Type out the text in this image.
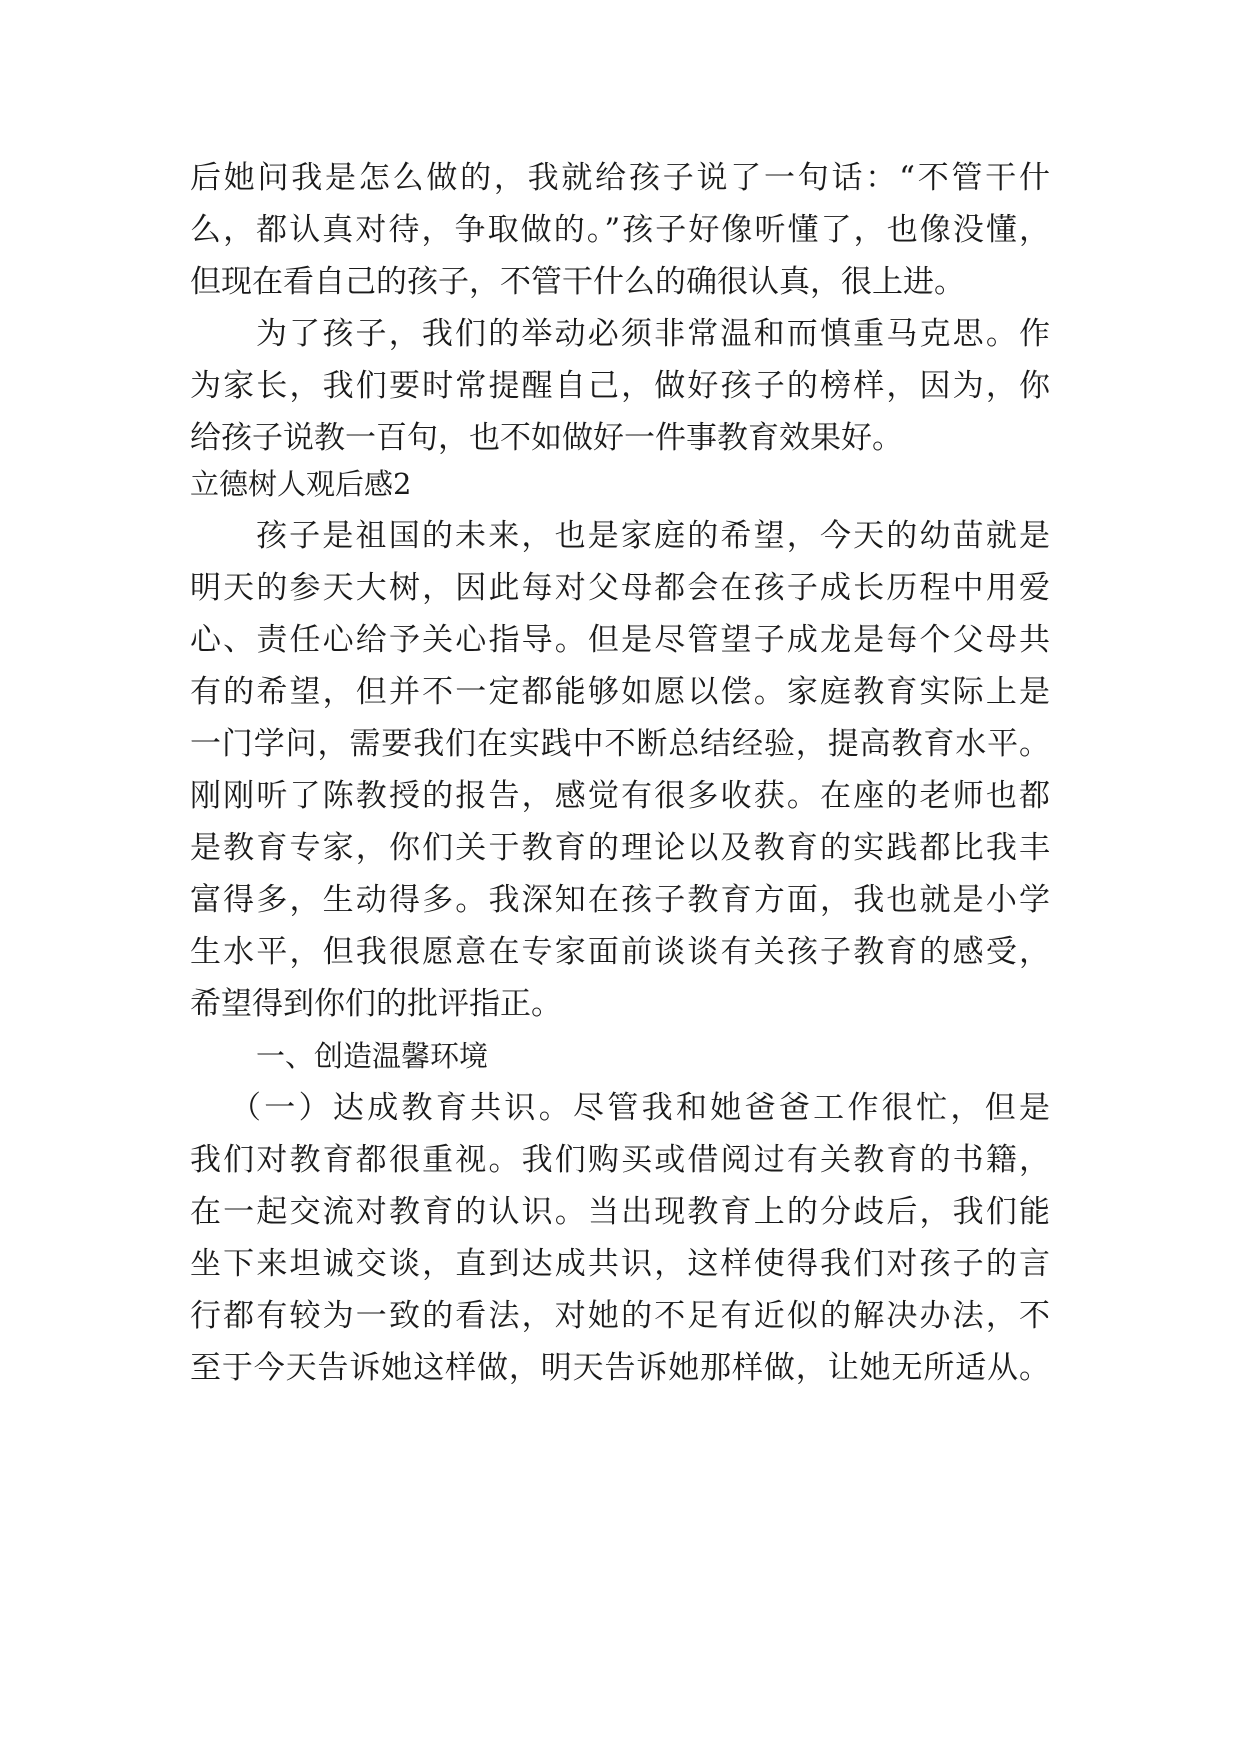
后她问我是怎么做的，我就给孩子说了一句话：“不管干什
么，都认真对待，争取做的。”孩子好像听懂了，也像没懂，
但现在看自己的孩子，不管干什么的确很认真，很上进。
为了孩子，我们的举动必须非常温和而慎重马克思。作
为家长，我们要时常提醒自己，做好孩子的榜样，因为，你
给孩子说教一百句，也不如做好一件事教育效果好。
立德树人观后感2
孩子是祖国的未来，也是家庭的希望，今天的幼苗就是
明天的参天大树，因此每对父母都会在孩子成长历程中用爱
心、责任心给予关心指导。但是尽管望子成龙是每个父母共
有的希望，但并不一定都能够如愿以偿。家庭教育实际上是
一门学问，需要我们在实践中不断总结经验，提高教育水平。
刚刚听了陈教授的报告，感觉有很多收获。在座的老师也都
是教育专家，你们关于教育的理论以及教育的实践都比我丰
富得多，生动得多。我深知在孩子教育方面，我也就是小学
生水平，但我很愿意在专家面前谈谈有关孩子教育的感受，
希望得到你们的批评指正。
一、创造温馨环境
（一）达成教育共识。尽管我和她爸爸工作很忙，但是
我们对教育都很重视。我们购买或借阅过有关教育的书籍，
在一起交流对教育的认识。当出现教育上的分歧后，我们能
坐下来坦诚交谈，直到达成共识，这样使得我们对孩子的言
行都有较为一致的看法，对她的不足有近似的解决办法，不
至于今天告诉她这样做，明天告诉她那样做，让她无所适从。
